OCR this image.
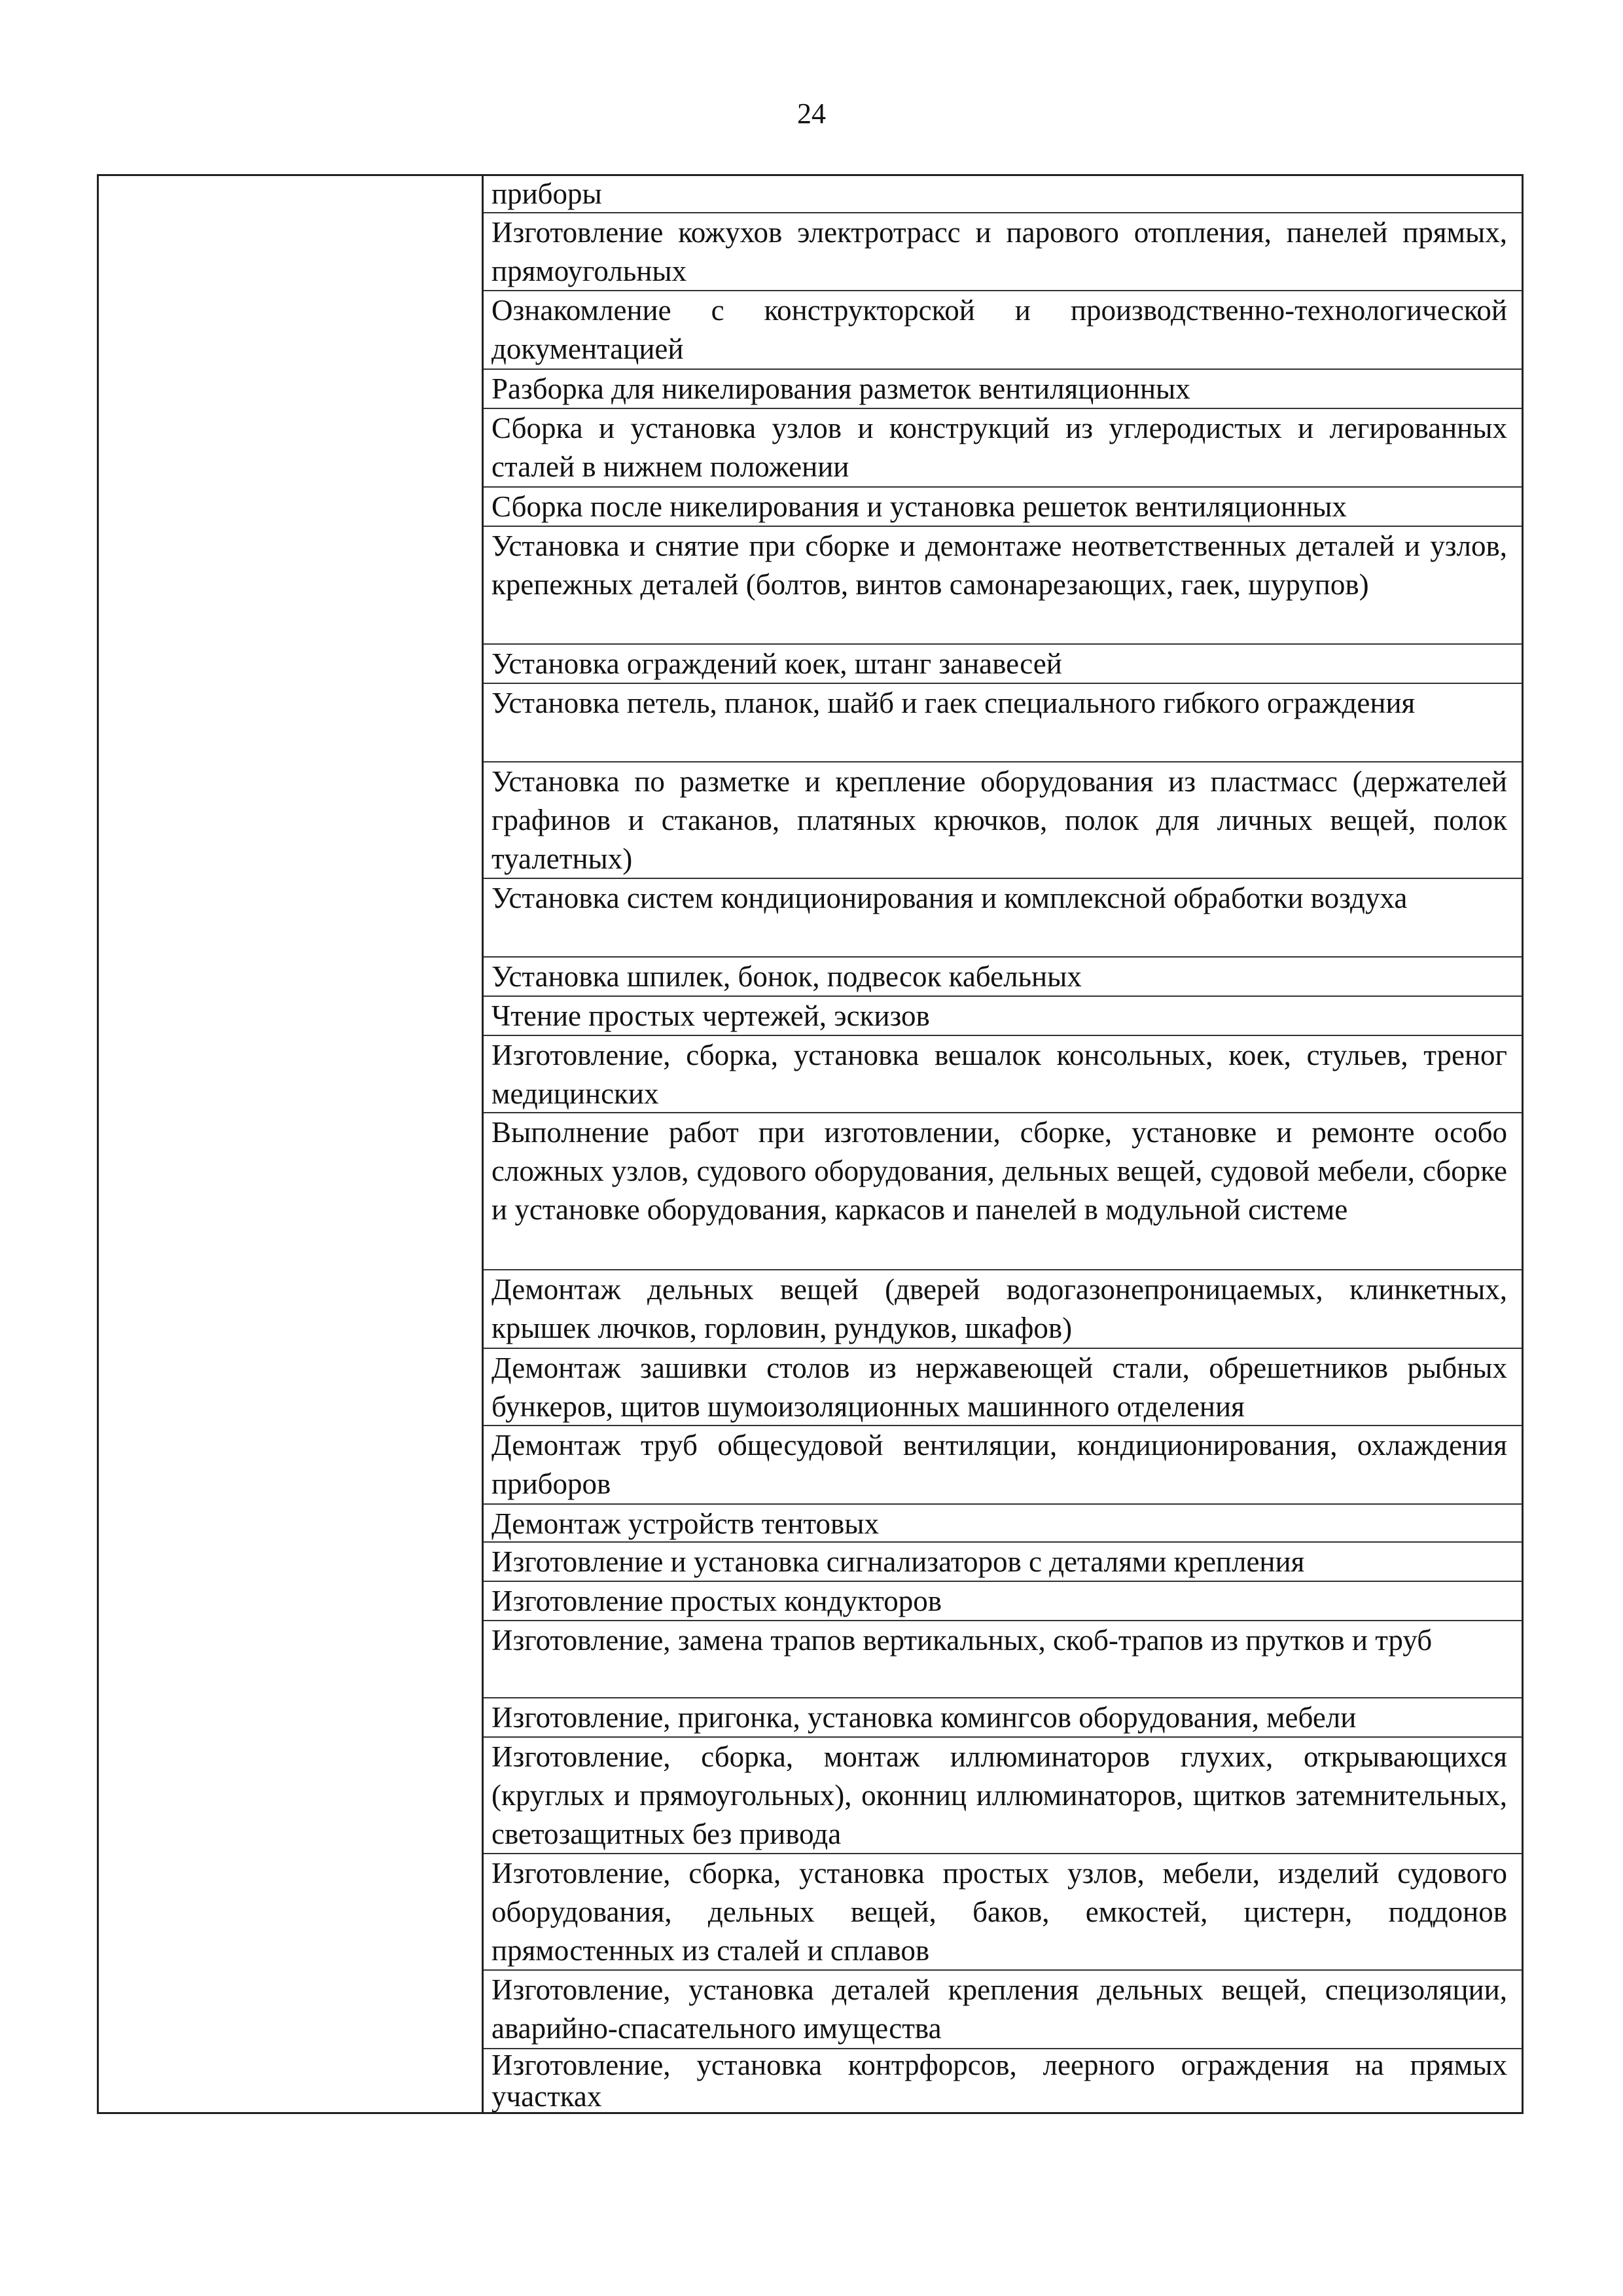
24
приборы
Изготовление кожухов электротрасс и парового отопления, панелей прямых, прямоугольных
Ознакомление с конструкторской и производственно-технологической документацией
Разборка для никелирования разметок вентиляционных
Сборка и установка узлов и конструкций из углеродистых и легированных сталей в нижнем положении
Сборка после никелирования и установка решеток вентиляционных
Установка и снятие при сборке и демонтаже неответственных деталей и узлов, крепежных деталей (болтов, винтов самонарезающих, гаек, шурупов)
Установка ограждений коек, штанг занавесей
Установка петель, планок, шайб и гаек специального гибкого ограждения
Установка по разметке и крепление оборудования из пластмасс (держателей графинов и стаканов, платяных крючков, полок для личных вещей, полок туалетных)
Установка систем кондиционирования и комплексной обработки воздуха
Установка шпилек, бонок, подвесок кабельных
Чтение простых чертежей, эскизов
Изготовление, сборка, установка вешалок консольных, коек, стульев, треног медицинских
Выполнение работ при изготовлении, сборке, установке и ремонте особо сложных узлов, судового оборудования, дельных вещей, судовой мебели, сборке и установке оборудования, каркасов и панелей в модульной системе
Демонтаж дельных вещей (дверей водогазонепроницаемых, клинкетных, крышек лючков, горловин, рундуков, шкафов)
Демонтаж зашивки столов из нержавеющей стали, обрешетников рыбных бункеров, щитов шумоизоляционных машинного отделения
Демонтаж труб общесудовой вентиляции, кондиционирования, охлаждения приборов
Демонтаж устройств тентовых
Изготовление и установка сигнализаторов с деталями крепления
Изготовление простых кондукторов
Изготовление, замена трапов вертикальных, скоб-трапов из прутков и труб
Изготовление, пригонка, установка комингсов оборудования, мебели
Изготовление, сборка, монтаж иллюминаторов глухих, открывающихся (круглых и прямоугольных), оконниц иллюминаторов, щитков затемнительных, светозащитных без привода
Изготовление, сборка, установка простых узлов, мебели, изделий судового оборудования, дельных вещей, баков, емкостей, цистерн, поддонов прямостенных из сталей и сплавов
Изготовление, установка деталей крепления дельных вещей, специзоляции, аварийно-спасательного имущества
Изготовление, установка контрфорсов, леерного ограждения на прямых участках
